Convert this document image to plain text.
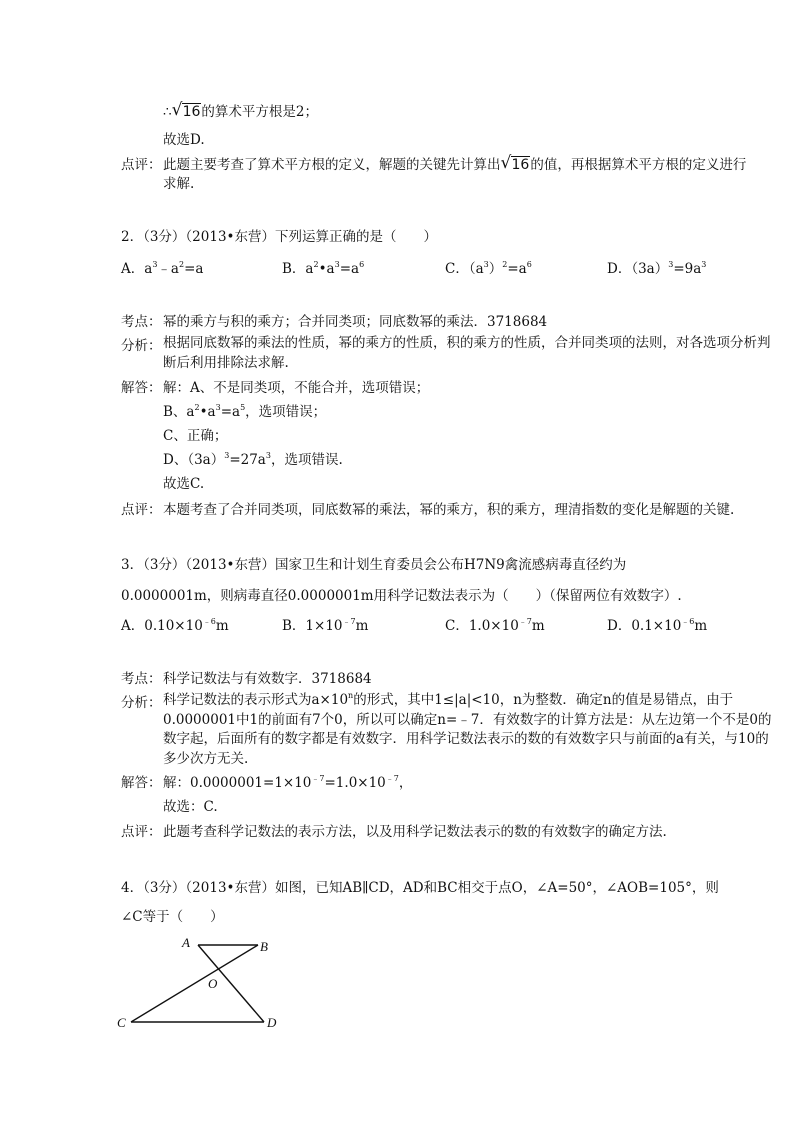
∴ √ 16的算术平方根是2；
故选D.
点评： 此题主要考查了算术平方根的定义，解题的关键先计算出 √ 16的值，再根据算术平方根的定义进行
求解.
2．（3分）（2013•东营）下列运算正确的是（　　）
A．$a^3﹣a^2=a$	B．$a^2•a^3=a^6$	C．$(a^3)^2=a^6$	D．$(3a)^3=9a^3$
考点： 幂的乘方与积的乘方；合并同类项；同底数幂的乘法．3718684
分析： 根据同底数幂的乘法的性质，幂的乘方的性质，积的乘方的性质，合并同类项的法则，对各选项分析判断后利用排除法求解.
解答： 解：A、不是同类项，不能合并，选项错误；
B、$a^2•a^3=a^5$，选项错误；
C、正确；
D、$(3a)^3=27a^3$，选项错误.
故选C.
点评： 本题考查了合并同类项，同底数幂的乘法，幂的乘方，积的乘方，理清指数的变化是解题的关键.
3．（3分）（2013•东营）国家卫生和计划生育委员会公布H7N9禽流感病毒直径约为
0.0000001m，则病毒直径0.0000001m用科学记数法表示为（　　）（保留两位有效数字）.
A．$0.10\times 10^{﹣6}m$	B．$1\times 10^{﹣7}m$	C．$1.0\times 10^{﹣7}m$	D．$0.1\times 10^{﹣6}m$
考点： 科学记数法与有效数字．3718684
分析： 科学记数法的表示形式为$a\times 10^n$的形式，其中1≤|a|<10，n为整数．确定n的值是易错点，由于0.0000001中1的前面有7个0，所以可以确定n=﹣7．有效数字的计算方法是：从左边第一个不是0的数字起，后面所有的数字都是有效数字．用科学记数法表示的数的有效数字只与前面的a有关，与10的多少次方无关.
解答： 解：$0.0000001=1\times 10^{﹣7}=1.0\times 10^{﹣7}$，
故选：C.
点评： 此题考查科学记数法的表示方法，以及用科学记数法表示的数的有效数字的确定方法.
4．（3分）（2013•东营）如图，已知AB∥CD，AD和BC相交于点O，∠A=50°，∠AOB=105°，则
∠C等于（　　）
A	B
O
C	D
